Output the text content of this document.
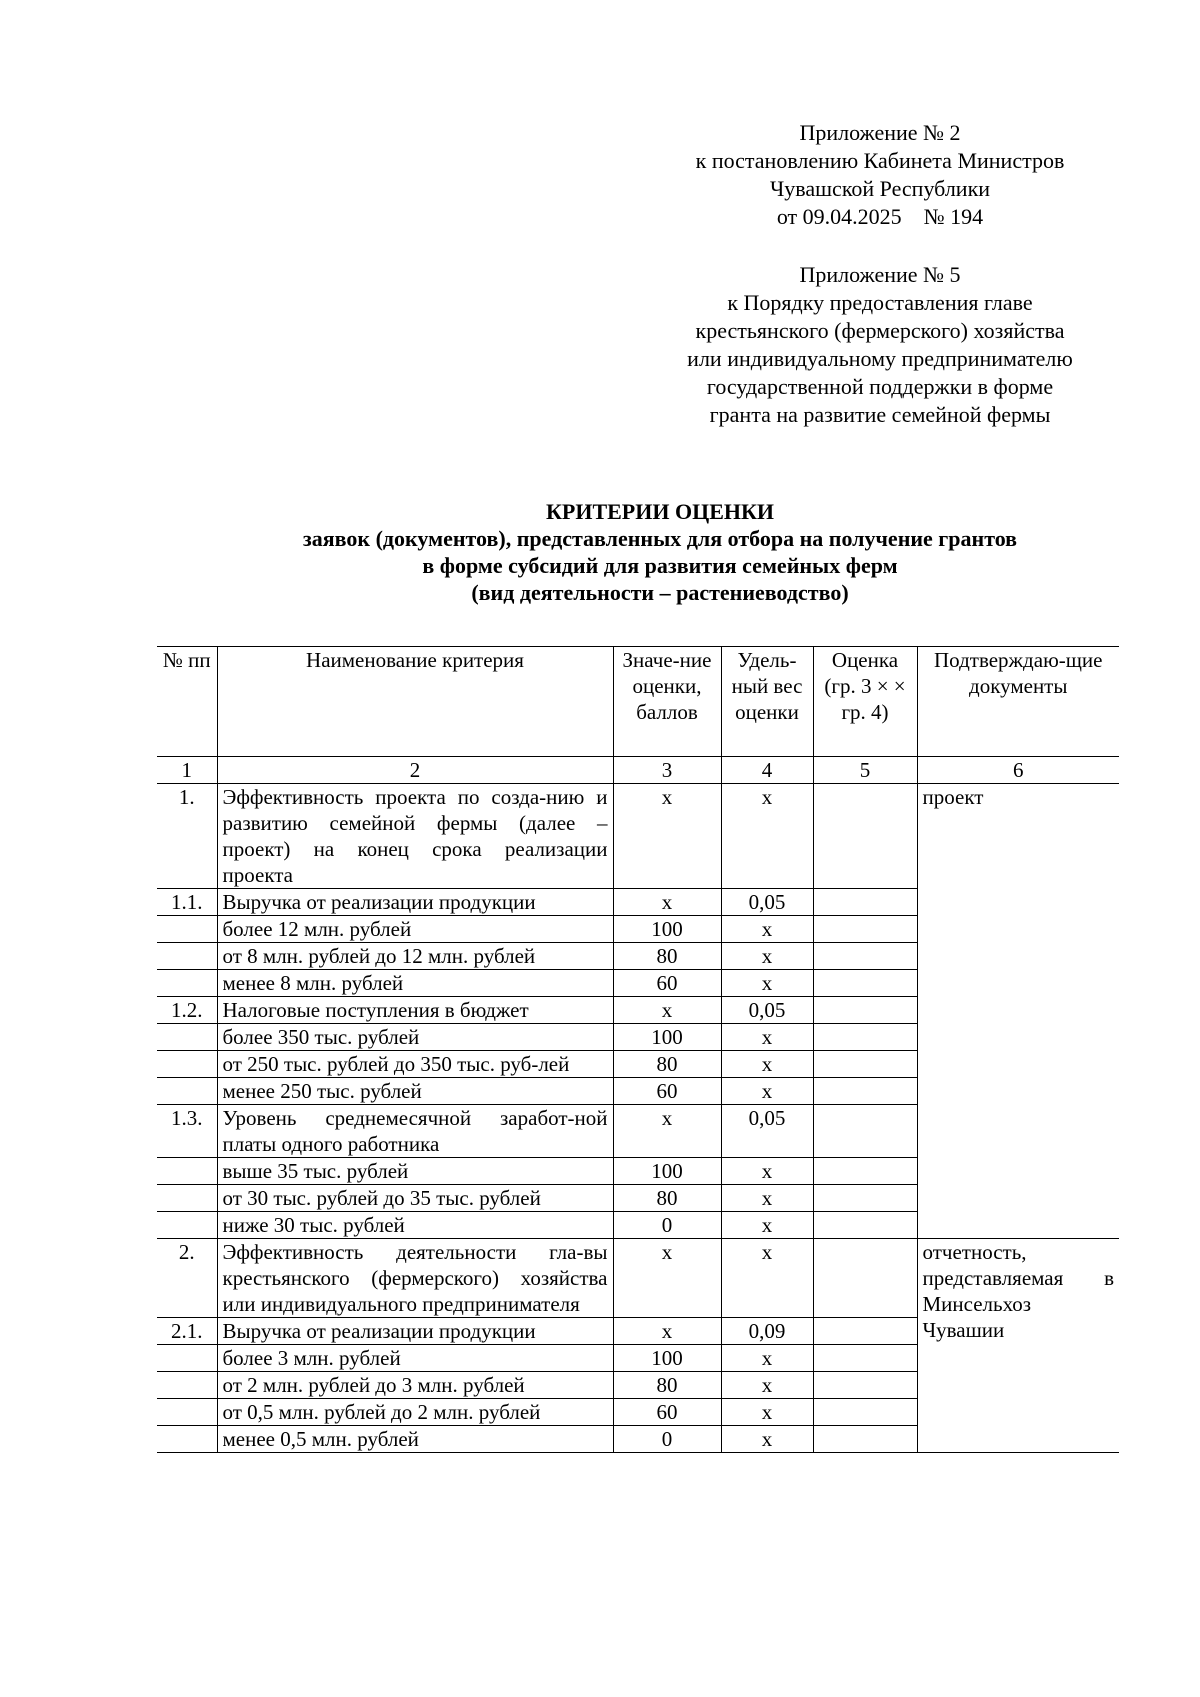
Приложение № 2
к постановлению Кабинета Министров
Чувашской Республики
от 09.04.2025    № 194
Приложение № 5
к Порядку предоставления главе
крестьянского (фермерского) хозяйства
или индивидуальному предпринимателю
государственной поддержки в форме
гранта на развитие семейной фермы
КРИТЕРИИ ОЦЕНКИ
заявок (документов), представленных для отбора на получение грантов
в форме субсидий для развития семейных ферм
(вид деятельности – растениеводство)
№ пп	Наименование критерия	Значе-ние оценки, баллов	Удель-ный вес оценки	Оценка (гр. 3 × × гр. 4)	Подтверждаю-щие документы
1	2	3	4	5	6
1.	Эффективность проекта по созда-нию и развитию семейной фермы (далее – проект) на конец срока реализации проекта	х	х		проект
1.1.	Выручка от реализации продукции	х	0,05		
	более 12 млн. рублей	100	х		
	от 8 млн. рублей до 12 млн. рублей	80	х		
	менее 8 млн. рублей	60	х		
1.2.	Налоговые поступления в бюджет	х	0,05		
	более 350 тыс. рублей	100	х		
	от 250 тыс. рублей до 350 тыс. руб-лей	80	х		
	менее 250 тыс. рублей	60	х		
1.3.	Уровень среднемесячной заработ-ной платы одного работника	х	0,05		
	выше 35 тыс. рублей	100	х		
	от 30 тыс. рублей до 35 тыс. рублей	80	х		
	ниже 30 тыс. рублей	0	х		
2.	Эффективность деятельности гла-вы крестьянского (фермерского) хозяйства или индивидуального предпринимателя	х	х		отчетность, представляемая в Минсельхоз Чувашии
2.1.	Выручка от реализации продукции	х	0,09		
	более 3 млн. рублей	100	х		
	от 2 млн. рублей до 3 млн. рублей	80	х		
	от 0,5 млн. рублей до 2 млн. рублей	60	х		
	менее 0,5 млн. рублей	0	х		
